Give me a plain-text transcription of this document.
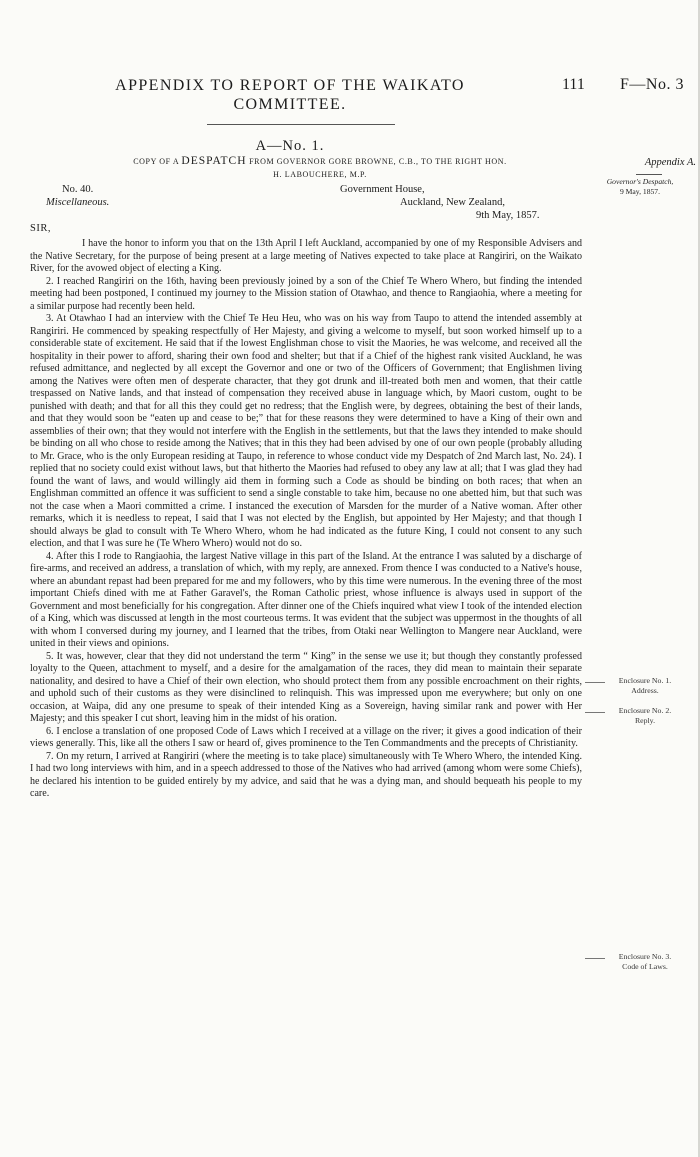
APPENDIX TO REPORT OF THE WAIKATO COMMITTEE.
111 F—No. 3
A—No. 1.
COPY OF A DESPATCH FROM GOVERNOR GORE BROWNE, C.B., TO THE RIGHT HON.
H. LABOUCHERE, M.P.
Appendix A.
Governor's Despatch,
9 May, 1857.
No. 40.
Miscellaneous.
Government House,
Auckland, New Zealand,
9th May, 1857.
SIR,

I have the honor to inform you that on the 13th April I left Auckland, accompanied by one of my Responsible Advisers and the Native Secretary, for the purpose of being present at a large meeting of Natives expected to take place at Rangiriri, on the Waikato River, for the avowed object of electing a King.

2. I reached Rangiriri on the 16th, having been previously joined by a son of the Chief Te Whero Whero, but finding the intended meeting had been postponed, I continued my journey to the Mission station of Otawhao, and thence to Rangiaohia, where a meeting for a similar purpose had recently been held.

3. At Otawhao I had an interview with the Chief Te Heu Heu, who was on his way from Taupo to attend the intended assembly at Rangiriri. He commenced by speaking respectfully of Her Majesty, and giving a welcome to myself, but soon worked himself up to a considerable state of excitement. He said that if the lowest Englishman chose to visit the Maories, he was welcome, and received all the hospitality in their power to afford, sharing their own food and shelter; but that if a Chief of the highest rank visited Auckland, he was refused admittance, and neglected by all except the Governor and one or two of the Officers of Government; that Englishmen living among the Natives were often men of desperate character, that they got drunk and ill-treated both men and women, that their cattle trespassed on Native lands, and that instead of compensation they received abuse in language which, by Maori custom, ought to be punished with death; and that for all this they could get no redress; that the English were, by degrees, obtaining the best of their lands, and that they would soon be “eaten up and cease to be;” that for these reasons they were determined to have a King of their own and assemblies of their own; that they would not interfere with the English in the settlements, but that the laws they intended to make should be binding on all who chose to reside among the Natives; that in this they had been advised by one of our own people (probably alluding to Mr. Grace, who is the only European residing at Taupo, in reference to whose conduct vide my Despatch of 2nd March last, No. 24). I replied that no society could exist without laws, but that hitherto the Maories had refused to obey any law at all; that I was glad they had found the want of laws, and would willingly aid them in forming such a Code as should be binding on both races; that when an Englishman committed an offence it was sufficient to send a single constable to take him, because no one abetted him, but that such was not the case when a Maori committed a crime. I instanced the execution of Marsden for the murder of a Native woman. After other remarks, which it is needless to repeat, I said that I was not elected by the English, but appointed by Her Majesty; and that though I should always be glad to consult with Te Whero Whero, whom he had indicated as the future King, I could not consent to any such election, and that I was sure he (Te Whero Whero) would not do so.

4. After this I rode to Rangiaohia, the largest Native village in this part of the Island. At the entrance I was saluted by a discharge of fire-arms, and received an address, a translation of which, with my reply, are annexed. From thence I was conducted to a Native's house, where an abundant repast had been prepared for me and my followers, who by this time were numerous. In the evening three of the most important Chiefs dined with me at Father Garavel's, the Roman Catholic priest, whose influence is always used in support of the Government and most beneficially for his congregation. After dinner one of the Chiefs inquired what view I took of the intended election of a King, which was discussed at length in the most courteous terms. It was evident that the subject was uppermost in the thoughts of all with whom I conversed during my journey, and I learned that the tribes, from Otaki near Wellington to Mangere near Auckland, were united in their views and opinions.

5. It was, however, clear that they did not understand the term “ King” in the sense we use it; but though they constantly professed loyalty to the Queen, attachment to myself, and a desire for the amalgamation of the races, they did mean to maintain their separate nationality, and desired to have a Chief of their own election, who should protect them from any possible encroachment on their rights, and uphold such of their customs as they were disinclined to relinquish. This was impressed upon me everywhere; but only on one occasion, at Waipa, did any one presume to speak of their intended King as a Sovereign, having similar rank and power with Her Majesty; and this speaker I cut short, leaving him in the midst of his oration.

6. I enclose a translation of one proposed Code of Laws which I received at a village on the river; it gives a good indication of their views generally. This, like all the others I saw or heard of, gives prominence to the Ten Commandments and the precepts of Christianity.

7. On my return, I arrived at Rangiriri (where the meeting is to take place) simultaneously with Te Whero Whero, the intended King. I had two long interviews with him, and in a speech addressed to those of the Natives who had arrived (among whom were some Chiefs), he declared his intention to be guided entirely by my advice, and said that he was a dying man, and should bequeath his people to my care.

Enclosure No. 1.
Address.
Enclosure No. 2.
Reply.
Enclosure No. 3.
Code of Laws.
